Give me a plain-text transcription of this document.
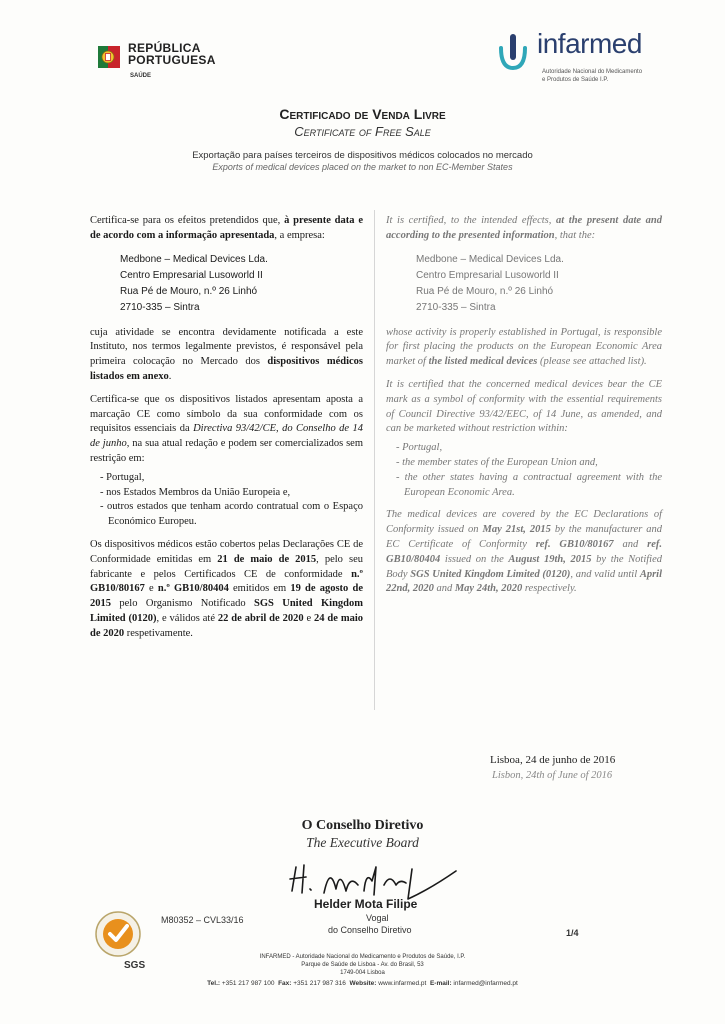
REPÚBLICA
PORTUGUESA
SAÚDE
infarmed
Autoridade Nacional do Medicamento
e Produtos de Saúde I.P.
Certificado de Venda Livre
Certificate of Free Sale
Exportação para países terceiros de dispositivos médicos colocados no mercado
Exports of medical devices placed on the market to non EC-Member States

Certifica-se para os efeitos pretendidos que, à presente data e de acordo com a informação apresentada, a empresa:

Medbone – Medical Devices Lda.
Centro Empresarial Lusoworld II
Rua Pé de Mouro, n.º 26 Linhó
2710-335 – Sintra

cuja atividade se encontra devidamente notificada a este Instituto, nos termos legalmente previstos, é responsável pela primeira colocação no Mercado dos dispositivos médicos listados em anexo.

Certifica-se que os dispositivos listados apresentam aposta a marcação CE como símbolo da sua conformidade com os requisitos essenciais da Directiva 93/42/CE, do Conselho de 14 de junho, na sua atual redação e podem ser comercializados sem restrição em:

- Portugal,
- nos Estados Membros da União Europeia e,
- outros estados que tenham acordo contratual com o Espaço Económico Europeu.

Os dispositivos médicos estão cobertos pelas Declarações CE de Conformidade emitidas em 21 de maio de 2015, pelo seu fabricante e pelos Certificados CE de conformidade n.º GB10/80167 e n.º GB10/80404 emitidos em 19 de agosto de 2015 pelo Organismo Notificado SGS United Kingdom Limited (0120), e válidos até 22 de abril de 2020 e 24 de maio de 2020 respetivamente.

It is certified, to the intended effects, at the present date and according to the presented information, that the:

Medbone – Medical Devices Lda.
Centro Empresarial Lusoworld II
Rua Pé de Mouro, n.º 26 Linhó
2710-335 – Sintra

whose activity is properly established in Portugal, is responsible for first placing the products on the European Economic Area market of the listed medical devices (please see attached list).

It is certified that the concerned medical devices bear the CE mark as a symbol of conformity with the essential requirements of Council Directive 93/42/EEC, of 14 June, as amended, and can be marketed without restriction within:

- Portugal,
- the member states of the European Union and,
- the other states having a contractual agreement with the European Economic Area.

The medical devices are covered by the EC Declarations of Conformity issued on May 21st, 2015 by the manufacturer and EC Certificate of Conformity ref. GB10/80167 and ref. GB10/80404 issued on the August 19th, 2015 by the Notified Body SGS United Kingdom Limited (0120), and valid until April 22nd, 2020 and May 24th, 2020 respectively.

Lisboa, 24 de junho de 2016
Lisbon, 24th of June of 2016
O Conselho Diretivo
The Executive Board
Helder Mota Filipe
Vogal
do Conselho Diretivo
M80352 – CVL33/16
1/4
SGS
INFARMED - Autoridade Nacional do Medicamento e Produtos de Saúde, I.P.
Parque de Saúde de Lisboa - Av. do Brasil, 53
1749-004 Lisboa
Tel.: +351 217 987 100 Fax: +351 217 987 316 Website: www.infarmed.pt E-mail: infarmed@infarmed.pt
